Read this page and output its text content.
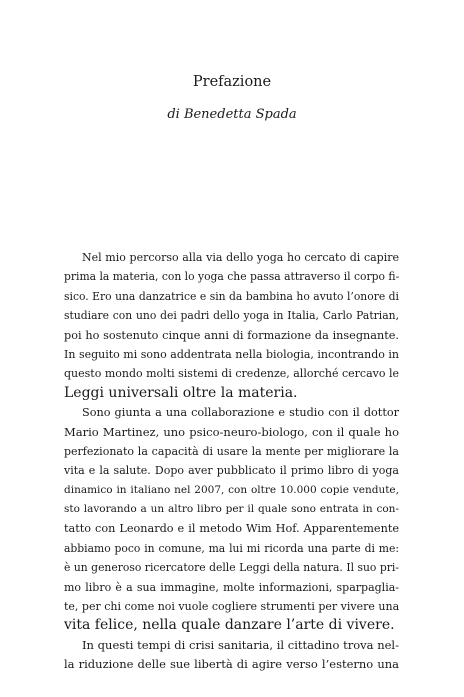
Prefazione
di Benedetta Spada
Nel mio percorso alla via dello yoga ho cercato di capire
prima la materia, con lo yoga che passa attraverso il corpo fi-
sico. Ero una danzatrice e sin da bambina ho avuto l’onore di
studiare con uno dei padri dello yoga in Italia, Carlo Patrian,
poi ho sostenuto cinque anni di formazione da insegnante.
In seguito mi sono addentrata nella biologia, incontrando in
questo mondo molti sistemi di credenze, allorché cercavo le
Leggi universali oltre la materia.
Sono giunta a una collaborazione e studio con il dottor
Mario Martinez, uno psico-neuro-biologo, con il quale ho
perfezionato la capacità di usare la mente per migliorare la
vita e la salute. Dopo aver pubblicato il primo libro di yoga
dinamico in italiano nel 2007, con oltre 10.000 copie vendute,
sto lavorando a un altro libro per il quale sono entrata in con-
tatto con Leonardo e il metodo Wim Hof. Apparentemente
abbiamo poco in comune, ma lui mi ricorda una parte di me:
è un generoso ricercatore delle Leggi della natura. Il suo pri-
mo libro è a sua immagine, molte informazioni, sparpaglia-
te, per chi come noi vuole cogliere strumenti per vivere una
vita felice, nella quale danzare l’arte di vivere.
In questi tempi di crisi sanitaria, il cittadino trova nel-
la riduzione delle sue libertà di agire verso l’esterno una
